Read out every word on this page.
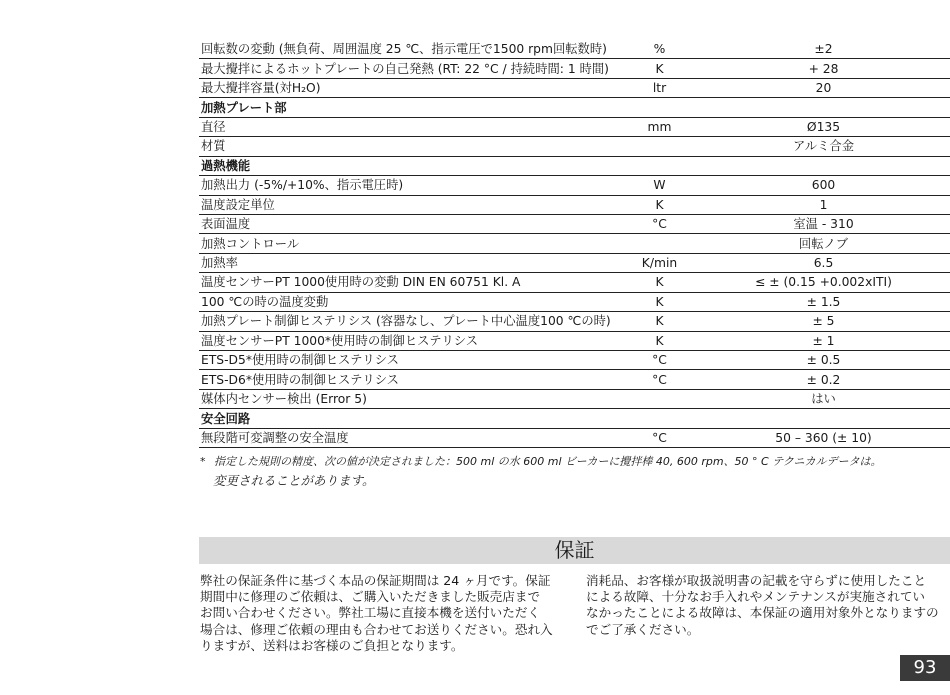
回転数の変動 (無負荷、周囲温度 25 ℃、指示電圧で1500 rpm回転数時)		%		±2
最大攪拌によるホットプレートの自己発熱 (RT: 22 °C / 持続時間: 1 時間)		K		+ 28
最大攪拌容量(対H₂O)		ltr		20
加熱プレート部				
直径		mm		Ø135
材質				アルミ合金
過熱機能				
加熱出力 (-5%/+10%、指示電圧時)		W		600
温度設定単位		K		1
表面温度		°C		室温 - 310
加熱コントロール				回転ノブ
加熱率		K/min		6.5
温度センサーPT 1000使用時の変動 DIN EN 60751 Kl. A		K		≤ ± (0.15 +0.002xITI)
100 ℃の時の温度変動		K		± 1.5
加熱プレート制御ヒステリシス (容器なし、プレート中心温度100 ℃の時)		K		± 5
温度センサーPT 1000*使用時の制御ヒステリシス		K		± 1
ETS-D5*使用時の制御ヒステリシス		°C		± 0.5
ETS-D6*使用時の制御ヒステリシス		°C		± 0.2
媒体内センサー検出 (Error 5)				はい
安全回路				
無段階可変調整の安全温度		°C		50 – 360 (± 10)
* 指定した規則の精度、次の値が決定されました：500 ml の水 600 ml ビーカーに攪拌棒 40, 600 rpm、50 ° C テクニカルデータは。
変更されることがあります。
保証
弊社の保証条件に基づく本品の保証期間は 24 ヶ月です。保証
期間中に修理のご依頼は、ご購入いただきました販売店まで
お問い合わせください。弊社工場に直接本機を送付いただく
場合は、修理ご依頼の理由も合わせてお送りください。恐れ入
りますが、送料はお客様のご負担となります。
消耗品、お客様が取扱説明書の記載を守らずに使用したこと
による故障、十分なお手入れやメンテナンスが実施されてい
なかったことによる故障は、本保証の適用対象外となりますの
でご了承ください。
93
